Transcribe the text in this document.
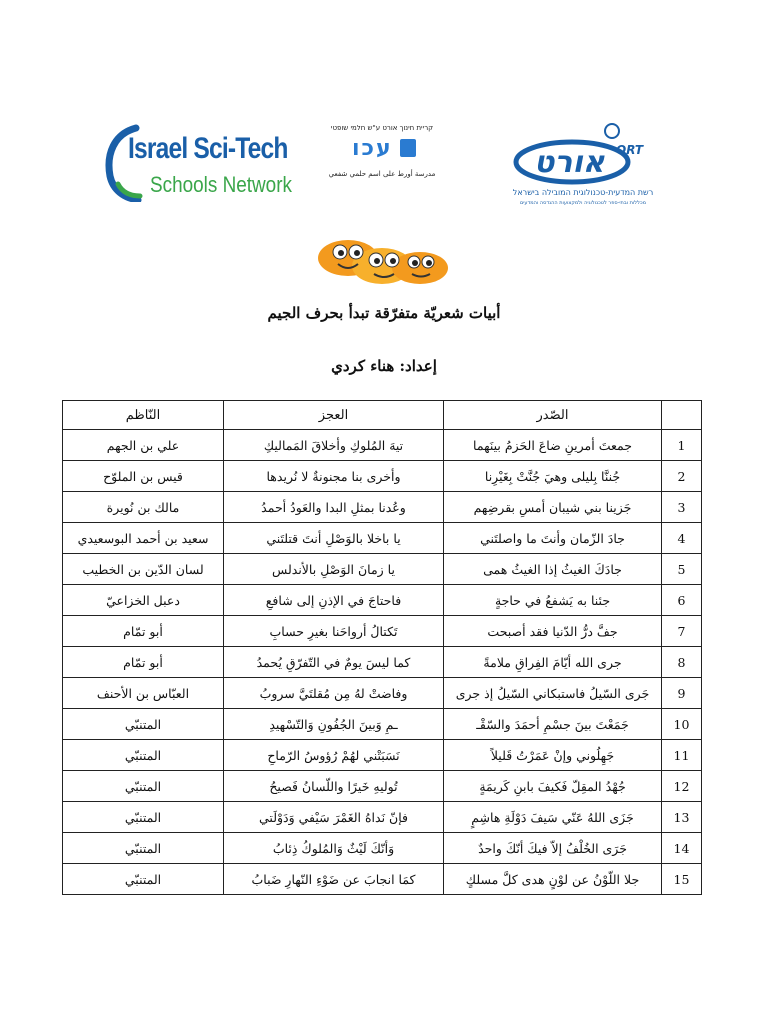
Israel Sci-Tech
Schools Network
קריית חינוך אורט ע"ש חלמי שופטי
עכו
مدرسة أورط على اسم حلمي شفعي	אורט ORT
רשת המדעית-טכנולוגית המובילה בישראל
מכללות ובתי-ספר לטכנולוגיה ולמקצועות ההנדסה והמדעים
أبيات شعريّة متفرّقة تبدأ بحرف الجيم
إعداد: هناء كردي
	الصّدر	العجز	النّاظم
1	جمعتَ أمرينِ ضاعَ الحَزمُ بينَهما	تيهَ المُلوكِ وأخلاقَ المَماليكِ	علي بن الجهم
2	جُننَّا بِليلى وهيَ جُنَّتْ بِغَيْرِنا	وأخرى بنا مجنونةٌ لا نُريدها	قيس بن الملوّح
3	جَزينا بني شيبان أمسِ بقرضِهم	وعُدنا بمثلِ البدا والعَودُ أحمدُ	مالك بن نُويرة
4	جادَ الزّمان وأنتَ ما واصلتَني	يا باخلا بالوَصْلِ أنتَ قتلتَني	سعيد بن أحمد البوسعيدي
5	جادَكَ الغيثُ إذا الغيثُ همى	يا زمانَ الوَصْلِ بالأندلس	لسان الدّين بن الخطيب
6	جئنا به يَشفعُ في حاجةٍ	فاحتاجَ في الإذنِ إلى شافعِ	دعبل الخزاعيّ
7	جفَّ درُّ الدّنيا فقد أصبحت	تَكتالُ أرواحَنا بغيرِ حسابِ	أبو تمّام
8	جرى الله أيّامَ الفِراقِ ملامةً	كما ليسَ يومٌ في التّفرّقِ يُحمدُ	أبو تمّام
9	جَرى السّيلُ فاستبكاني السّيلُ إذ جرى	وفاضتْ لهُ مِن مُقلتَيَّ سروبُ	العبّاس بن الأحنف
10	جَمَعْتَ بينَ جسْمِ أحمَدَ والسّقْـ	ـمِ وَبينَ الجُفُونِ وَالتّسْهيدِ	المتنبّي
11	جَهِلُوني وإنْ عَمَرْتُ قَليلاً	نَسَبَتْني لهُمْ رُؤوسُ الرّماحِ	المتنبّي
12	جُهْدُ المقِلّ فَكيفَ بابنِ كَريمَةٍ	تُوليهِ خَيرًا واللّسانُ فَصيحُ	المتنبّي
13	جَزَى اللهُ عَنّي سَيفَ دَوْلَةِ هاشِمٍ	فإنّ نَداهُ الغَمْرَ سَيْفي وَدَوْلَتي	المتنبّي
14	جَرَى الخُلْفُ إلاّ فيكَ أنّكَ واحدٌ	وَأنّكَ لَيْثٌ وَالمُلوكُ ذِئابُ	المتنبّي
15	جلا اللّوْنُ عن لوْنٍ هدى كلَّ مسلكٍ	كمَا انجابَ عن ضَوْءِ النّهارِ ضَبابُ	المتنبّي
